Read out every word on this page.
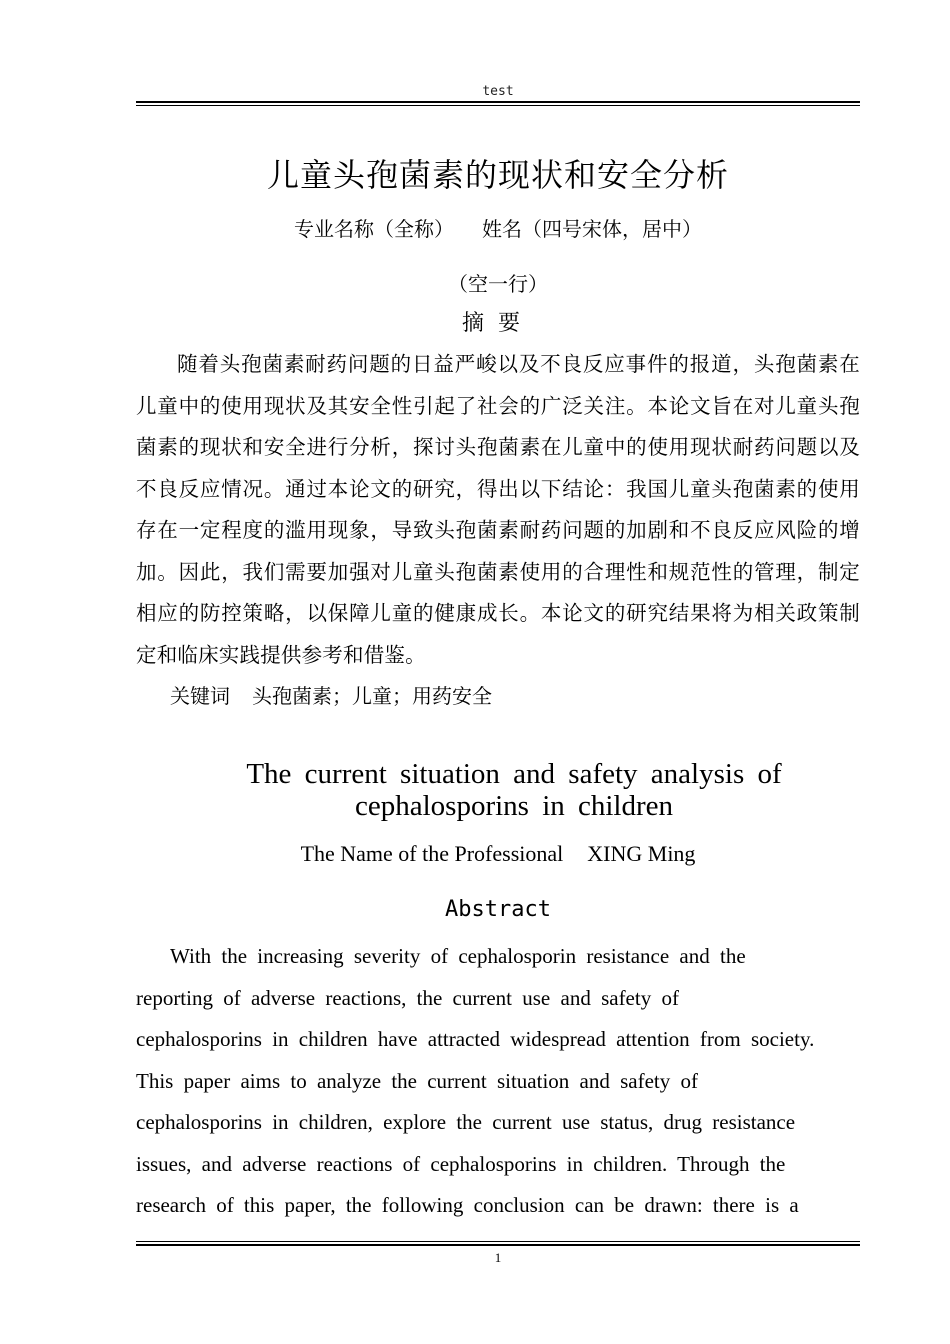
test
儿童头孢菌素的现状和安全分析
专业名称（全称） 姓名（四号宋体，居中）
（空一行）
摘要
随着头孢菌素耐药问题的日益严峻以及不良反应事件的报道，头孢菌素在儿童中的使用现状及其安全性引起了社会的广泛关注。本论文旨在对儿童头孢菌素的现状和安全进行分析，探讨头孢菌素在儿童中的使用现状耐药问题以及不良反应情况。通过本论文的研究，得出以下结论：我国儿童头孢菌素的使用存在一定程度的滥用现象，导致头孢菌素耐药问题的加剧和不良反应风险的增加。因此，我们需要加强对儿童头孢菌素使用的合理性和规范性的管理，制定相应的防控策略，以保障儿童的健康成长。本论文的研究结果将为相关政策制定和临床实践提供参考和借鉴。
关键词 头孢菌素；儿童；用药安全
The current situation and safety analysis of cephalosporins in children
The Name of the Professional XING Ming
Abstract
With the increasing severity of cephalosporin resistance and the
reporting of adverse reactions, the current use and safety of
cephalosporins in children have attracted widespread attention from society.
This paper aims to analyze the current situation and safety of
cephalosporins in children, explore the current use status, drug resistance
issues, and adverse reactions of cephalosporins in children. Through the
research of this paper, the following conclusion can be drawn: there is a
1
